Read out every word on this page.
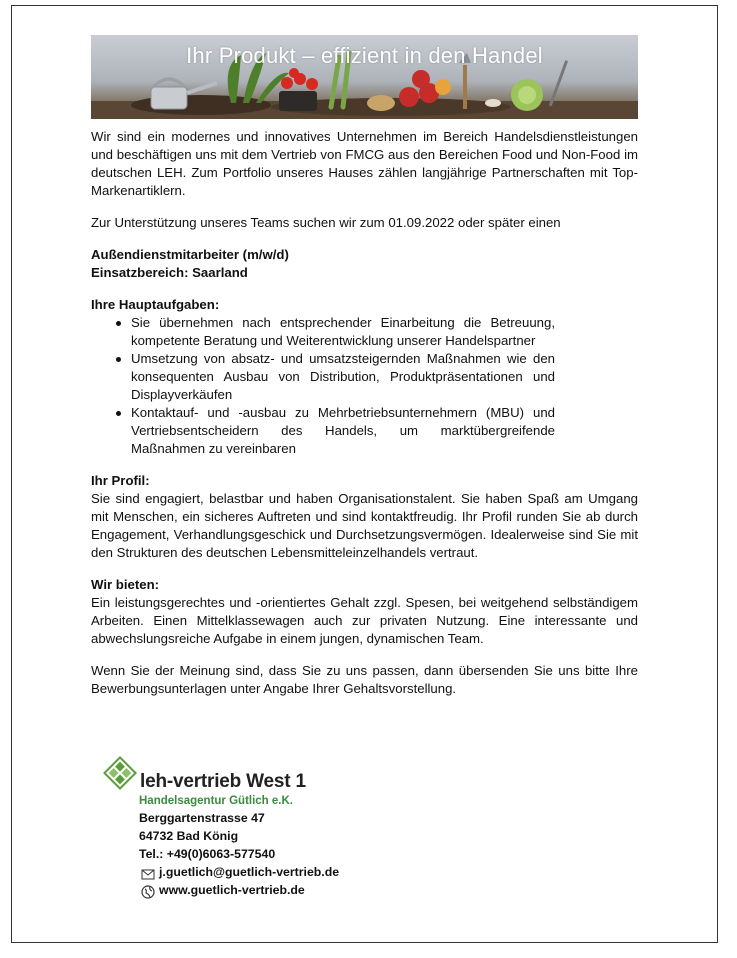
Ihr Produkt – effizient in den Handel

Wir sind ein modernes und innovatives Unternehmen im Bereich Handelsdienstleistungen und beschäftigen uns mit dem Vertrieb von FMCG aus den Bereichen Food und Non-Food im deutschen LEH. Zum Portfolio unseres Hauses zählen langjährige Partnerschaften mit Top-Markenartiklern.

Zur Unterstützung unseres Teams suchen wir zum 01.09.2022 oder später einen

Außendienstmitarbeiter (m/w/d)

Einsatzbereich: Saarland

Ihre Hauptaufgaben:

Sie übernehmen nach entsprechender Einarbeitung die Betreuung, kompetente Beratung und Weiterentwicklung unserer Handelspartner
Umsetzung von absatz- und umsatzsteigernden Maßnahmen wie den konsequenten Ausbau von Distribution, Produktpräsentationen und Displayverkäufen
Kontaktauf- und -ausbau zu Mehrbetriebsunternehmern (MBU) und Vertriebsentscheidern des Handels, um marktübergreifende Maßnahmen zu vereinbaren

Ihr Profil:

Sie sind engagiert, belastbar und haben Organisationstalent. Sie haben Spaß am Umgang mit Menschen, ein sicheres Auftreten und sind kontaktfreudig. Ihr Profil runden Sie ab durch Engagement, Verhandlungsgeschick und Durchsetzungsvermögen. Idealerweise sind Sie mit den Strukturen des deutschen Lebensmitteleinzelhandels vertraut.

Wir bieten:

Ein leistungsgerechtes und -orientiertes Gehalt zzgl. Spesen, bei weitgehend selbständigem Arbeiten. Einen Mittelklassewagen auch zur privaten Nutzung. Eine interessante und abwechslungsreiche Aufgabe in einem jungen, dynamischen Team.

Wenn Sie der Meinung sind, dass Sie zu uns passen, dann übersenden Sie uns bitte Ihre Bewerbungsunterlagen unter Angabe Ihrer Gehaltsvorstellung.

leh-vertrieb West 1
Handelsagentur Gütlich e.K.
Berggartenstrasse 47
64732 Bad König
Tel.: +49(0)6063-577540
j.guetlich@guetlich-vertrieb.de
www.guetlich-vertrieb.de
